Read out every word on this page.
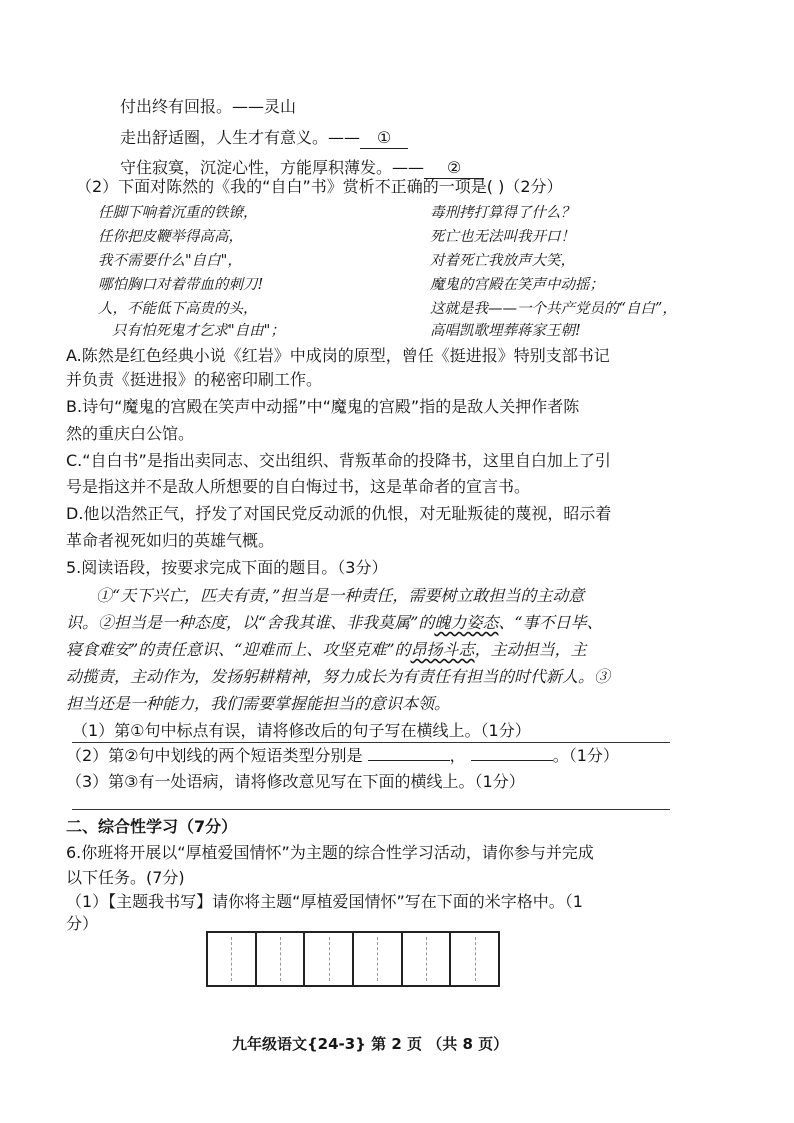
付出终有回报。——灵山
走出舒适圈，人生才有意义。—— ①
守住寂寞，沉淀心性，方能厚积薄发。—— ②
（2）下面对陈然的《我的“自白”书》赏析不正确的一项是( )（2分）
任脚下响着沉重的铁镣，
任你把皮鞭举得高高，
我不需要什么"自白"，
哪怕胸口对着带血的刺刀!
人，不能低下高贵的头，
只有怕死鬼才乞求"自由"；
毒刑拷打算得了什么？
死亡也无法叫我开口！
对着死亡我放声大笑，
魔鬼的宫殿在笑声中动摇；
这就是我——一个共产党员的“自白”，
高唱凯歌埋葬蒋家王朝!
A.陈然是红色经典小说《红岩》中成岗的原型，曾任《挺进报》特别支部书记
并负责《挺进报》的秘密印刷工作。
B.诗句“魔鬼的宫殿在笑声中动摇”中“魔鬼的宫殿”指的是敌人关押作者陈
然的重庆白公馆。
C.“自白书”是指出卖同志、交出组织、背叛革命的投降书，这里自白加上了引
号是指这并不是敌人所想要的自白悔过书，这是革命者的宣言书。
D.他以浩然正气，抒发了对国民党反动派的仇恨，对无耻叛徒的蔑视，昭示着
革命者视死如归的英雄气概。
5.阅读语段，按要求完成下面的题目。（3分）
①“天下兴亡，匹夫有责，”担当是一种责任，需要树立敢担当的主动意
识。②担当是一种态度，以“舍我其谁、非我莫属”的魄力姿态、“事不日毕、
寝食难安”的责任意识、“迎难而上、攻坚克难”的昂扬斗志，主动担当，主
动揽责，主动作为，发扬躬耕精神，努力成长为有责任有担当的时代新人。③
担当还是一种能力，我们需要掌握能担当的意识本领。
（1）第①句中标点有误，请将修改后的句子写在横线上。（1分）
（2）第②句中划线的两个短语类型分别是	，	。（1分）
（3）第③有一处语病，请将修改意见写在下面的横线上。（1分）
二、综合性学习（7分）
6.你班将开展以“厚植爱国情怀”为主题的综合性学习活动，请你参与并完成
以下任务。(7分)
（1）【主题我书写】请你将主题“厚植爱国情怀”写在下面的米字格中。（1
分）
九年级语文{24-3} 第 2 页 （共 8 页）
